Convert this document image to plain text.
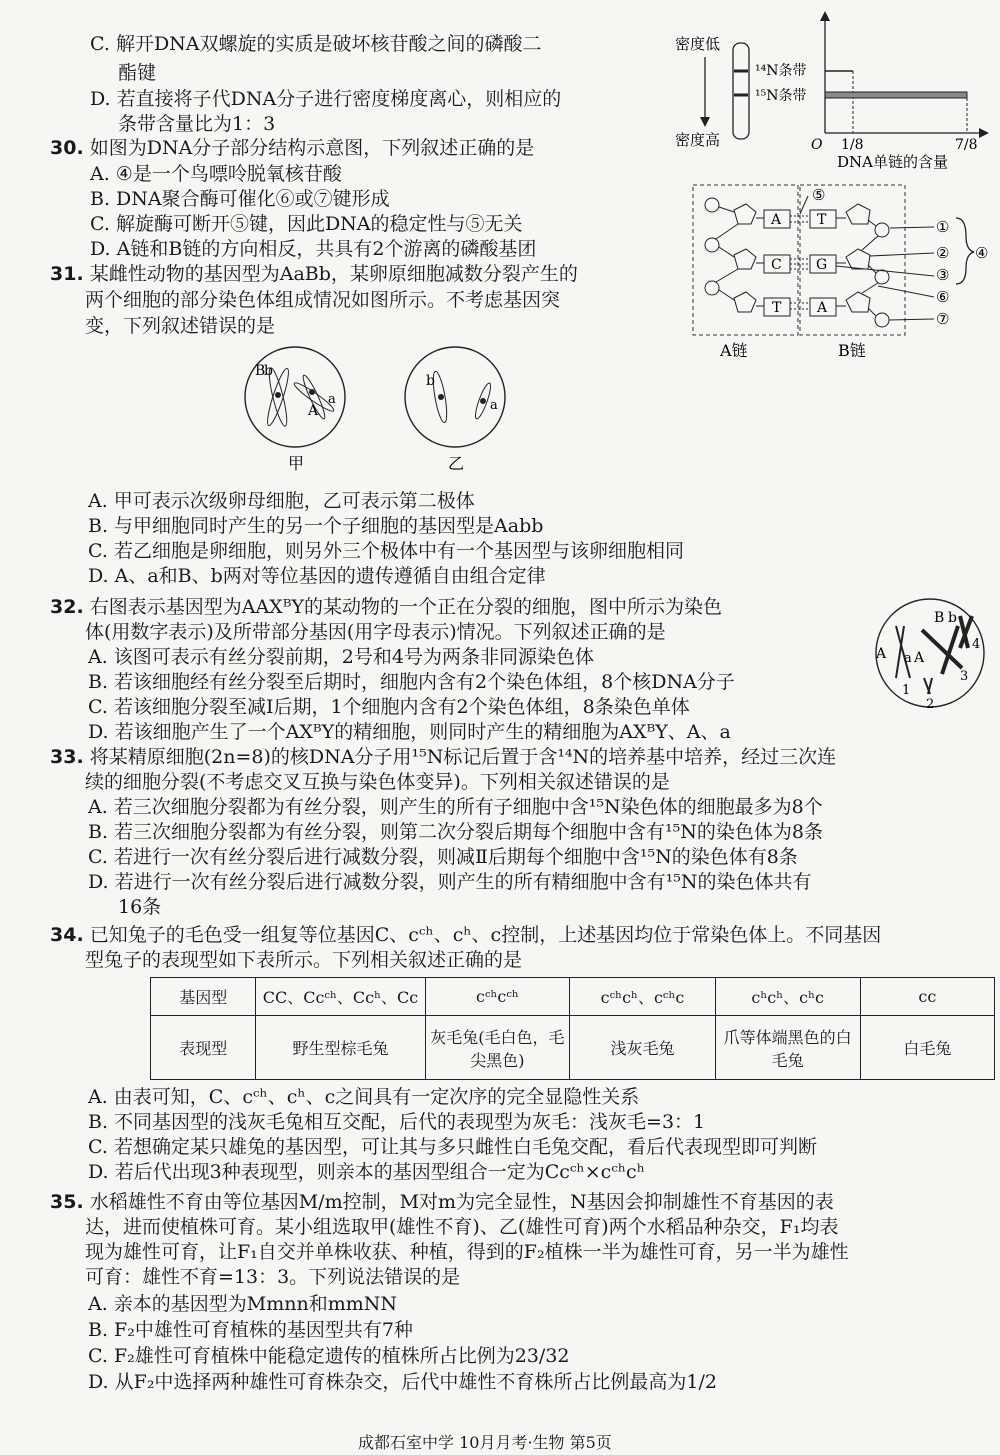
C. 解开DNA双螺旋的实质是破坏核苷酸之间的磷酸二
酯键
D. 若直接将子代DNA分子进行密度梯度离心，则相应的
条带含量比为1：3
密度低
密度高
¹⁴N条带
¹⁵N条带
O 1/8	7/8
DNA单链的含量
30. 如图为DNA分子部分结构示意图，下列叙述正确的是
A. ④是一个鸟嘌呤脱氧核苷酸
B. DNA聚合酶可催化⑥或⑦键形成
C. 解旋酶可断开⑤键，因此DNA的稳定性与⑤无关
D. A链和B链的方向相反，共具有2个游离的磷酸基团
A
C
T
T
G
A
⑤
①
②
③
⑥
⑦
④
A链	B链
31. 某雌性动物的基因型为AaBb，某卵原细胞减数分裂产生的
两个细胞的部分染色体组成情况如图所示。不考虑基因突
变，下列叙述错误的是
B
b
a
A
b
a
甲	乙
A. 甲可表示次级卵母细胞，乙可表示第二极体
B. 与甲细胞同时产生的另一个子细胞的基因型是Aabb
C. 若乙细胞是卵细胞，则另外三个极体中有一个基因型与该卵细胞相同
D. A、a和B、b两对等位基因的遗传遵循自由组合定律
32. 右图表示基因型为AAXᴮY的某动物的一个正在分裂的细胞，图中所示为染色
体(用数字表示)及所带部分基因(用字母表示)情况。下列叙述正确的是
A. 该图可表示有丝分裂前期，2号和4号为两条非同源染色体
B. 若该细胞经有丝分裂至后期时，细胞内含有2个染色体组，8个核DNA分子
C. 若该细胞分裂至减Ⅰ后期，1个细胞内含有2个染色体组，8条染色单体
D. 若该细胞产生了一个AXᴮY的精细胞，则同时产生的精细胞为AXᴮY、A、a
A a A
B b
1
2
3
4
33. 将某精原细胞(2n=8)的核DNA分子用¹⁵N标记后置于含¹⁴N的培养基中培养，经过三次连
续的细胞分裂(不考虑交叉互换与染色体变异)。下列相关叙述错误的是
A. 若三次细胞分裂都为有丝分裂，则产生的所有子细胞中含¹⁵N染色体的细胞最多为8个
B. 若三次细胞分裂都为有丝分裂，则第二次分裂后期每个细胞中含有¹⁵N的染色体为8条
C. 若进行一次有丝分裂后进行减数分裂，则减Ⅱ后期每个细胞中含¹⁵N的染色体有8条
D. 若进行一次有丝分裂后进行减数分裂，则产生的所有精细胞中含有¹⁵N的染色体共有
16条
34. 已知兔子的毛色受一组复等位基因C、cᶜʰ、cʰ、c控制，上述基因均位于常染色体上。不同基因
型兔子的表现型如下表所示。下列相关叙述正确的是
基因型	CC、Ccᶜʰ、Ccʰ、Cc	cᶜʰcᶜʰ	cᶜʰcʰ、cᶜʰc	cʰcʰ、cʰc	cc
表现型	野生型棕毛兔	灰毛兔(毛白色，毛尖黑色)	浅灰毛兔	爪等体端黑色的白毛兔	白毛兔
A. 由表可知，C、cᶜʰ、cʰ、c之间具有一定次序的完全显隐性关系
B. 不同基因型的浅灰毛兔相互交配，后代的表现型为灰毛：浅灰毛=3：1
C. 若想确定某只雄兔的基因型，可让其与多只雌性白毛兔交配，看后代表现型即可判断
D. 若后代出现3种表现型，则亲本的基因型组合一定为Ccᶜʰ×cᶜʰcʰ
35. 水稻雄性不育由等位基因M/m控制，M对m为完全显性，N基因会抑制雄性不育基因的表
达，进而使植株可育。某小组选取甲(雄性不育)、乙(雄性可育)两个水稻品种杂交，F₁均表
现为雄性可育，让F₁自交并单株收获、种植，得到的F₂植株一半为雄性可育，另一半为雄性
可育：雄性不育=13：3。下列说法错误的是
A. 亲本的基因型为Mmnn和mmNN
B. F₂中雄性可育植株的基因型共有7种
C. F₂雄性可育植株中能稳定遗传的植株所占比例为23/32
D. 从F₂中选择两种雄性可育株杂交，后代中雄性不育株所占比例最高为1/2
成都石室中学 10月月考·生物 第5页
